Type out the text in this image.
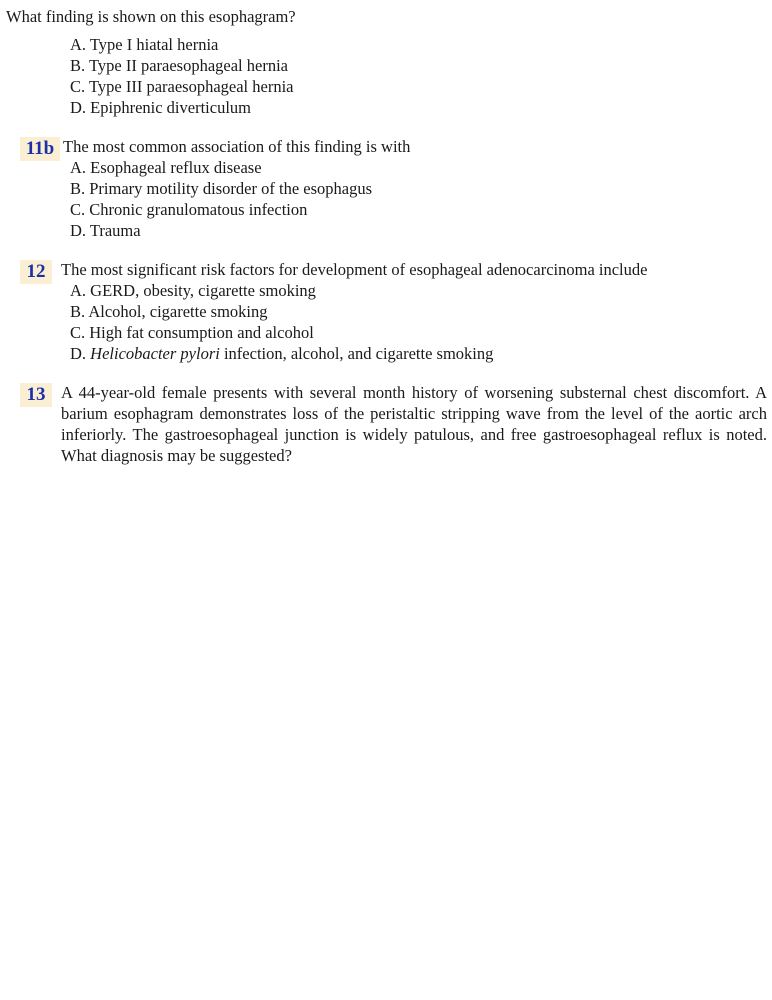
What finding is shown on this esophagram?
A. Type I hiatal hernia
B. Type II paraesophageal hernia
C. Type III paraesophageal hernia
D. Epiphrenic diverticulum
11b The most common association of this finding is with
A. Esophageal reflux disease
B. Primary motility disorder of the esophagus
C. Chronic granulomatous infection
D. Trauma
12 The most significant risk factors for development of esophageal adenocarcinoma include
A. GERD, obesity, cigarette smoking
B. Alcohol, cigarette smoking
C. High fat consumption and alcohol
D. Helicobacter pylori infection, alcohol, and cigarette smoking
13 A 44-year-old female presents with several month history of worsening substernal chest discomfort. A barium esophagram demonstrates loss of the peristaltic stripping wave from the level of the aortic arch inferiorly. The gastroesophageal junction is widely patulous, and free gastroesophageal reflux is noted. What diagnosis may be suggested?
